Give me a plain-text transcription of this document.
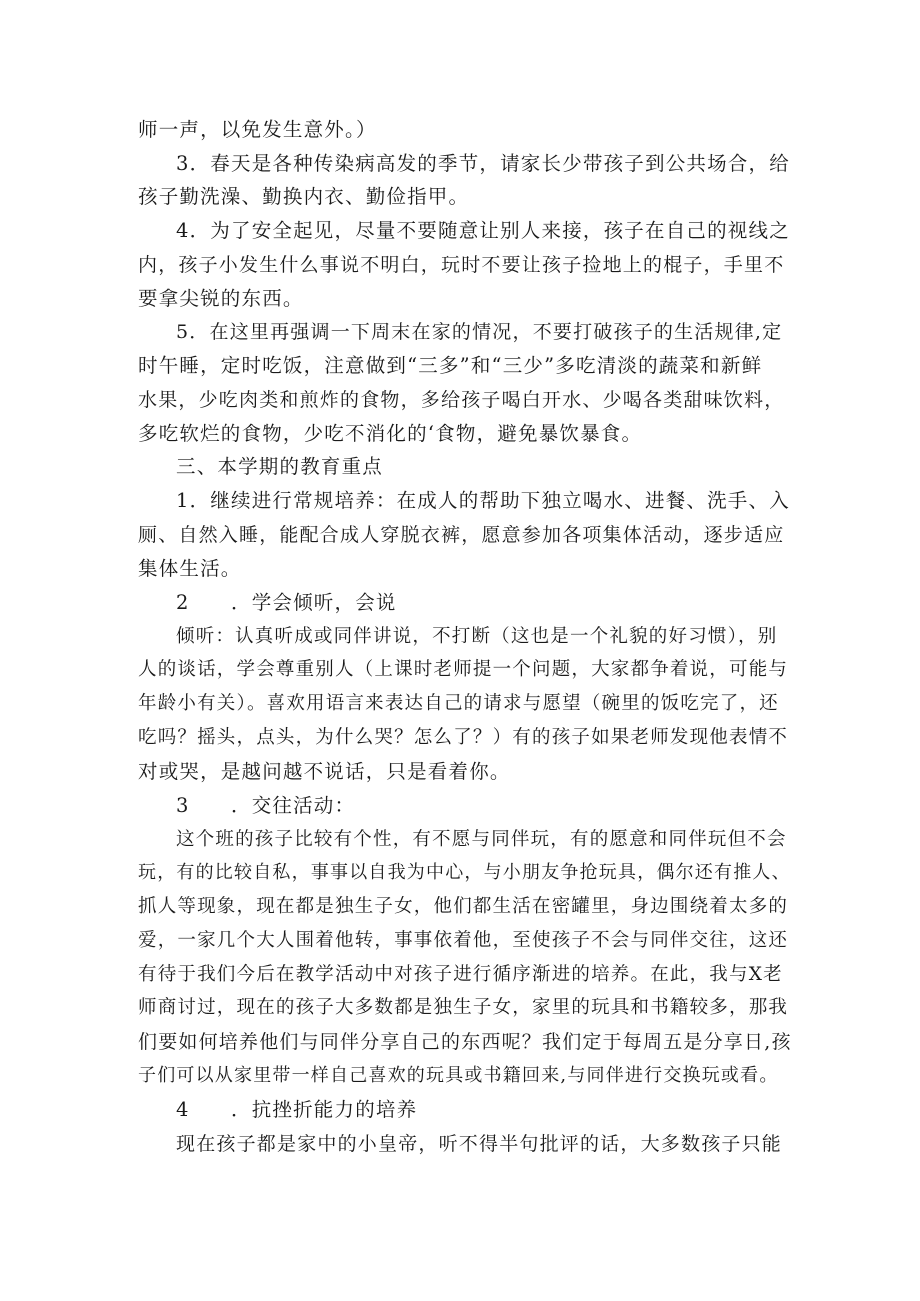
师一声，以免发生意外。）
3．春天是各种传染病高发的季节，请家长少带孩子到公共场合，给
孩子勤洗澡、勤换内衣、勤俭指甲。
4．为了安全起见，尽量不要随意让别人来接，孩子在自己的视线之
内，孩子小发生什么事说不明白，玩时不要让孩子捡地上的棍子，手里不
要拿尖锐的东西。
5．在这里再强调一下周末在家的情况，不要打破孩子的生活规律,定
时午睡，定时吃饭，注意做到“三多”和“三少”多吃清淡的蔬菜和新鲜
水果，少吃肉类和煎炸的食物，多给孩子喝白开水、少喝各类甜味饮料，
多吃软烂的食物，少吃不消化的‘食物，避免暴饮暴食。
三、本学期的教育重点
1．继续进行常规培养：在成人的帮助下独立喝水、进餐、洗手、入
厕、自然入睡，能配合成人穿脱衣裤，愿意参加各项集体活动，逐步适应
集体生活。
2　　．学会倾听，会说
倾听：认真听成或同伴讲说，不打断（这也是一个礼貌的好习惯），别
人的谈话，学会尊重别人（上课时老师提一个问题，大家都争着说，可能与
年龄小有关）。喜欢用语言来表达自己的请求与愿望（碗里的饭吃完了，还
吃吗？摇头，点头，为什么哭？怎么了？）有的孩子如果老师发现他表情不
对或哭，是越问越不说话，只是看着你。
3　　．交往活动：
这个班的孩子比较有个性，有不愿与同伴玩，有的愿意和同伴玩但不会
玩，有的比较自私，事事以自我为中心，与小朋友争抢玩具，偶尔还有推人、
抓人等现象，现在都是独生子女，他们都生活在密罐里，身边围绕着太多的
爱，一家几个大人围着他转，事事依着他，至使孩子不会与同伴交往，这还
有待于我们今后在教学活动中对孩子进行循序渐进的培养。在此，我与X老
师商讨过，现在的孩子大多数都是独生子女，家里的玩具和书籍较多，那我
们要如何培养他们与同伴分享自己的东西呢？我们定于每周五是分享日,孩
子们可以从家里带一样自己喜欢的玩具或书籍回来,与同伴进行交换玩或看。
4　　．抗挫折能力的培养
现在孩子都是家中的小皇帝，听不得半句批评的话，大多数孩子只能
